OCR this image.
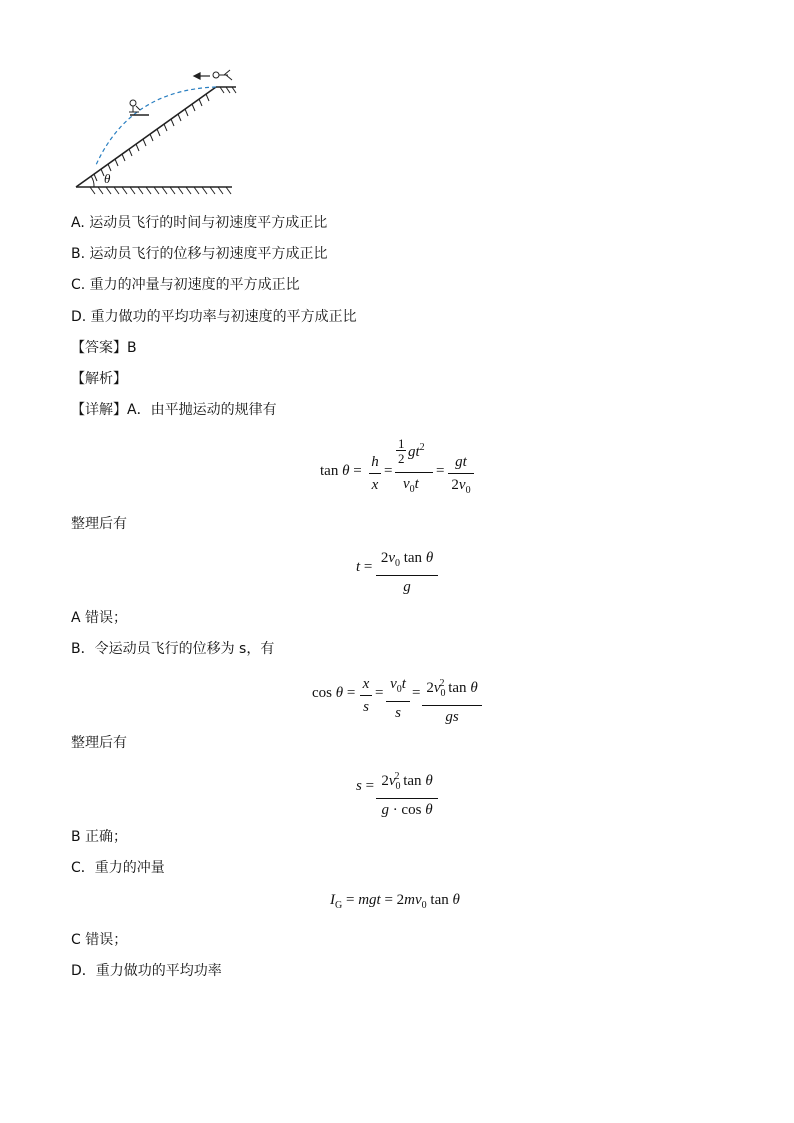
θ
A. 运动员飞行的时间与初速度平方成正比
B. 运动员飞行的位移与初速度平方成正比
C. 重力的冲量与初速度的平方成正比
D. 重力做功的平均功率与初速度的平方成正比
【答案】B
【解析】
【详解】A．由平抛运动的规律有
$\tan \theta = \frac{h}{x}$ =
1
2 $gt^2$
$v_0t$
= $\frac{gt}{2v_0}$
整理后有
$t = \frac{2v_0 \tan \theta}{g}$
A 错误；
B．令运动员飞行的位移为 s，有
$\cos \theta = \frac{x}{s} = \frac{v_0t}{s} = \frac{2v_0^2 \tan \theta}{gs}$
整理后有
$s = \frac{2v_0^2 \tan \theta}{\text{g · cos θ}}$
B 正确；
C．重力的冲量
$I_G$ = mgt = $2mv_0$ tan θ
C 错误；
D．重力做功的平均功率
